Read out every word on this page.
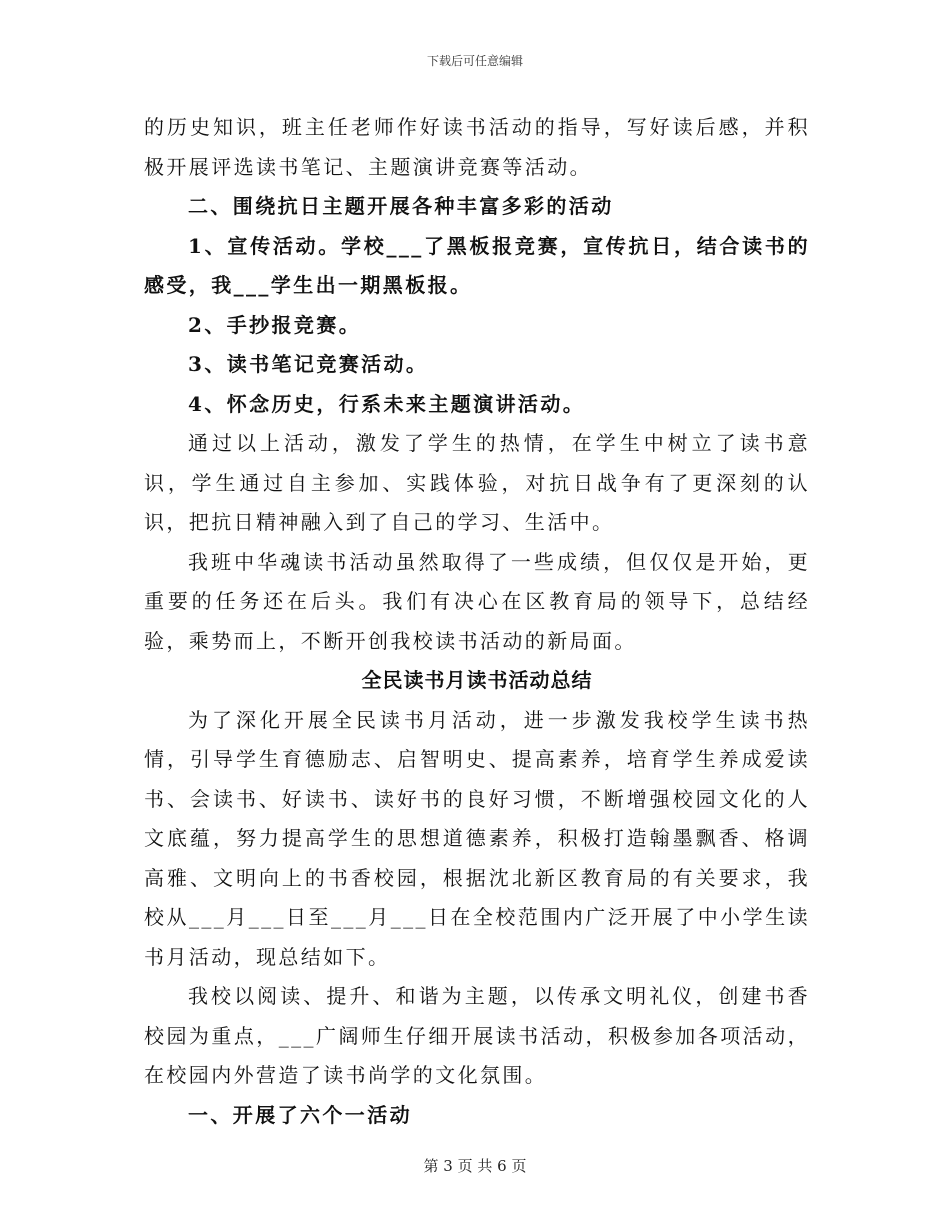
下载后可任意编辑

的历史知识，班主任老师作好读书活动的指导，写好读后感，并积极开展评选读书笔记、主题演讲竞赛等活动。

二、围绕抗日主题开展各种丰富多彩的活动

1、宣传活动。学校___了黑板报竞赛，宣传抗日，结合读书的感受，我___学生出一期黑板报。

2、手抄报竞赛。

3、读书笔记竞赛活动。

4、怀念历史，行系未来主题演讲活动。

通过以上活动，激发了学生的热情，在学生中树立了读书意识，学生通过自主参加、实践体验，对抗日战争有了更深刻的认识，把抗日精神融入到了自己的学习、生活中。

我班中华魂读书活动虽然取得了一些成绩，但仅仅是开始，更重要的任务还在后头。我们有决心在区教育局的领导下，总结经验，乘势而上，不断开创我校读书活动的新局面。

全民读书月读书活动总结

为了深化开展全民读书月活动，进一步激发我校学生读书热情，引导学生育德励志、启智明史、提高素养，培育学生养成爱读书、会读书、好读书、读好书的良好习惯，不断增强校园文化的人文底蕴，努力提高学生的思想道德素养，积极打造翰墨飘香、格调高雅、文明向上的书香校园，根据沈北新区教育局的有关要求，我校从___月___日至___月___日在全校范围内广泛开展了中小学生读书月活动，现总结如下。

我校以阅读、提升、和谐为主题，以传承文明礼仪，创建书香校园为重点，___广阔师生仔细开展读书活动，积极参加各项活动，在校园内外营造了读书尚学的文化氛围。

一、开展了六个一活动

第 3 页 共 6 页
